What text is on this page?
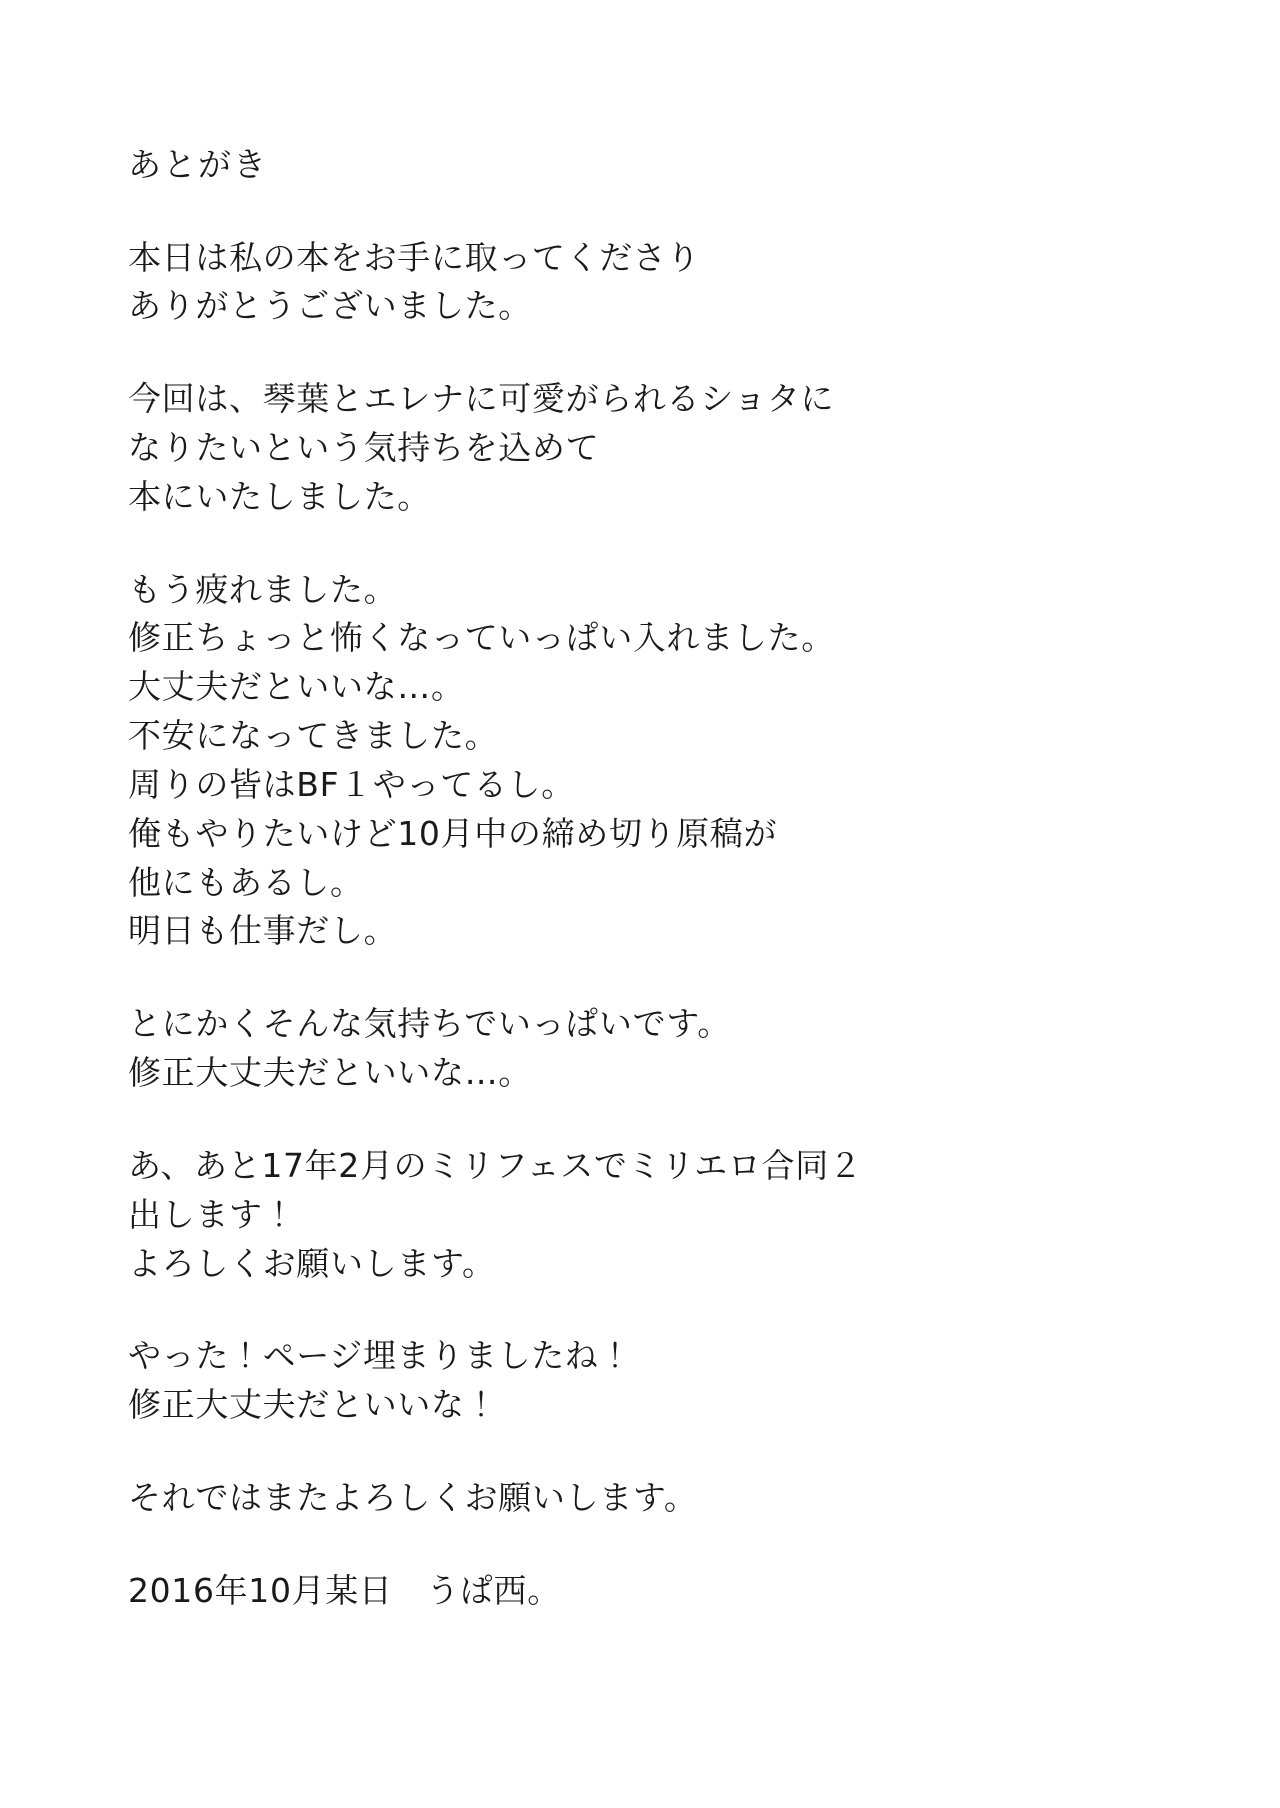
あとがき
本日は私の本をお手に取ってくださり
ありがとうございました。
今回は、琴葉とエレナに可愛がられるショタに
なりたいという気持ちを込めて
本にいたしました。
もう疲れました。
修正ちょっと怖くなっていっぱい入れました。
大丈夫だといいな…。
不安になってきました。
周りの皆はBF１やってるし。
俺もやりたいけど10月中の締め切り原稿が
他にもあるし。
明日も仕事だし。
とにかくそんな気持ちでいっぱいです。
修正大丈夫だといいな…。
あ、あと17年2月のミリフェスでミリエロ合同２
出します！
よろしくお願いします。
やった！ページ埋まりましたね！
修正大丈夫だといいな！
それではまたよろしくお願いします。
2016年10月某日　うぱ西。
